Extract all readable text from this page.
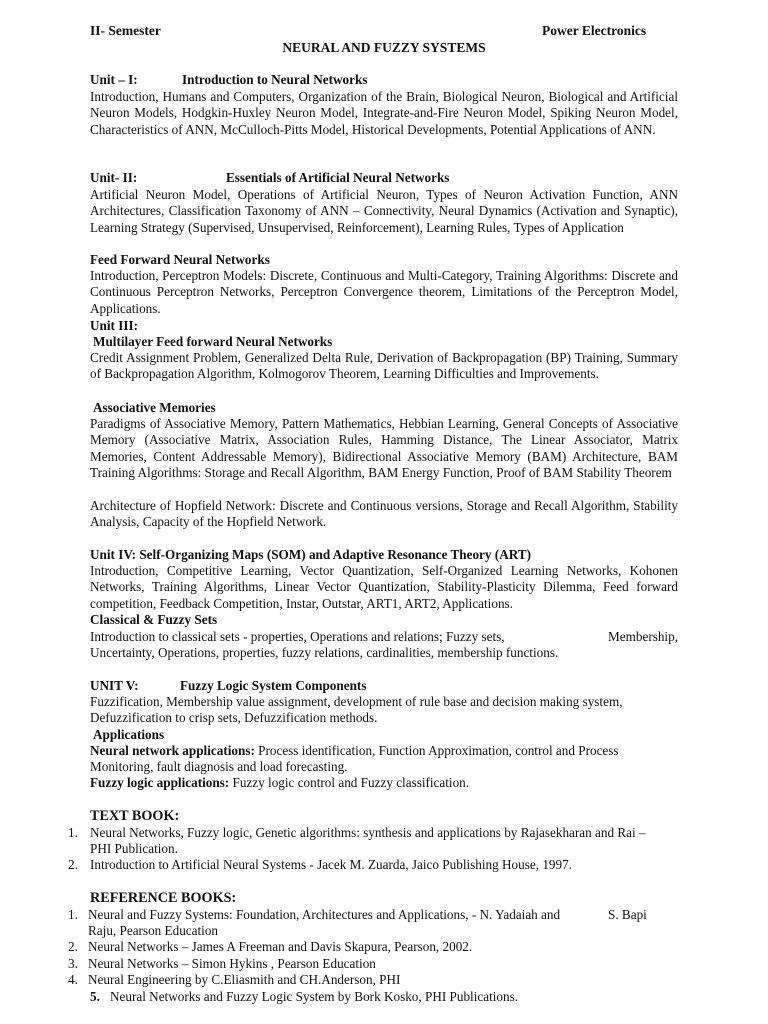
II- Semester	Power Electronics
NEURAL AND FUZZY SYSTEMS
Unit – I:	Introduction to Neural Networks
Introduction, Humans and Computers, Organization of the Brain, Biological Neuron, Biological and Artificial Neuron Models, Hodgkin-Huxley Neuron Model, Integrate-and-Fire Neuron Model, Spiking Neuron Model, Characteristics of ANN, McCulloch-Pitts Model, Historical Developments, Potential Applications of ANN.
Unit- II:	Essentials of Artificial Neural Networks
Artificial Neuron Model, Operations of Artificial Neuron, Types of Neuron Activation Function, ANN Architectures, Classification Taxonomy of ANN – Connectivity, Neural Dynamics (Activation and Synaptic), Learning Strategy (Supervised, Unsupervised, Reinforcement), Learning Rules, Types of Application
Feed Forward Neural Networks
Introduction, Perceptron Models: Discrete, Continuous and Multi-Category, Training Algorithms: Discrete and Continuous Perceptron Networks, Perceptron Convergence theorem, Limitations of the Perceptron Model, Applications.
Unit III:
Multilayer Feed forward Neural Networks
Credit Assignment Problem, Generalized Delta Rule, Derivation of Backpropagation (BP) Training, Summary of Backpropagation Algorithm, Kolmogorov Theorem, Learning Difficulties and Improvements.
Associative Memories
Paradigms of Associative Memory, Pattern Mathematics, Hebbian Learning, General Concepts of Associative Memory (Associative Matrix, Association Rules, Hamming Distance, The Linear Associator, Matrix Memories, Content Addressable Memory), Bidirectional Associative Memory (BAM) Architecture, BAM Training Algorithms: Storage and Recall Algorithm, BAM Energy Function, Proof of BAM Stability Theorem
Architecture of Hopfield Network: Discrete and Continuous versions, Storage and Recall Algorithm, Stability Analysis, Capacity of the Hopfield Network.
Unit IV: Self-Organizing Maps (SOM) and Adaptive Resonance Theory (ART)
Introduction, Competitive Learning, Vector Quantization, Self-Organized Learning Networks, Kohonen Networks, Training Algorithms, Linear Vector Quantization, Stability-Plasticity Dilemma, Feed forward competition, Feedback Competition, Instar, Outstar, ART1, ART2, Applications.
Classical & Fuzzy Sets
Introduction to classical sets - properties, Operations and relations; Fuzzy sets,	Membership,
Uncertainty, Operations, properties, fuzzy relations, cardinalities, membership functions.
UNIT V:	Fuzzy Logic System Components
Fuzzification, Membership value assignment, development of rule base and decision making system,
Defuzzification to crisp sets, Defuzzification methods.
Applications
Neural network applications: Process identification, Function Approximation, control and Process
Monitoring, fault diagnosis and load forecasting.
Fuzzy logic applications: Fuzzy logic control and Fuzzy classification.
TEXT BOOK:
1. Neural Networks, Fuzzy logic, Genetic algorithms: synthesis and applications by Rajasekharan and Rai –
PHI Publication.
2. Introduction to Artificial Neural Systems - Jacek M. Zuarda, Jaico Publishing House, 1997.
REFERENCE BOOKS:
1. Neural and Fuzzy Systems: Foundation, Architectures and Applications, - N. Yadaiah and	S. Bapi
Raju, Pearson Education
2. Neural Networks – James A Freeman and Davis Skapura, Pearson, 2002.
3. Neural Networks – Simon Hykins , Pearson Education
4. Neural Engineering by C.Eliasmith and CH.Anderson, PHI
5. Neural Networks and Fuzzy Logic System by Bork Kosko, PHI Publications.
